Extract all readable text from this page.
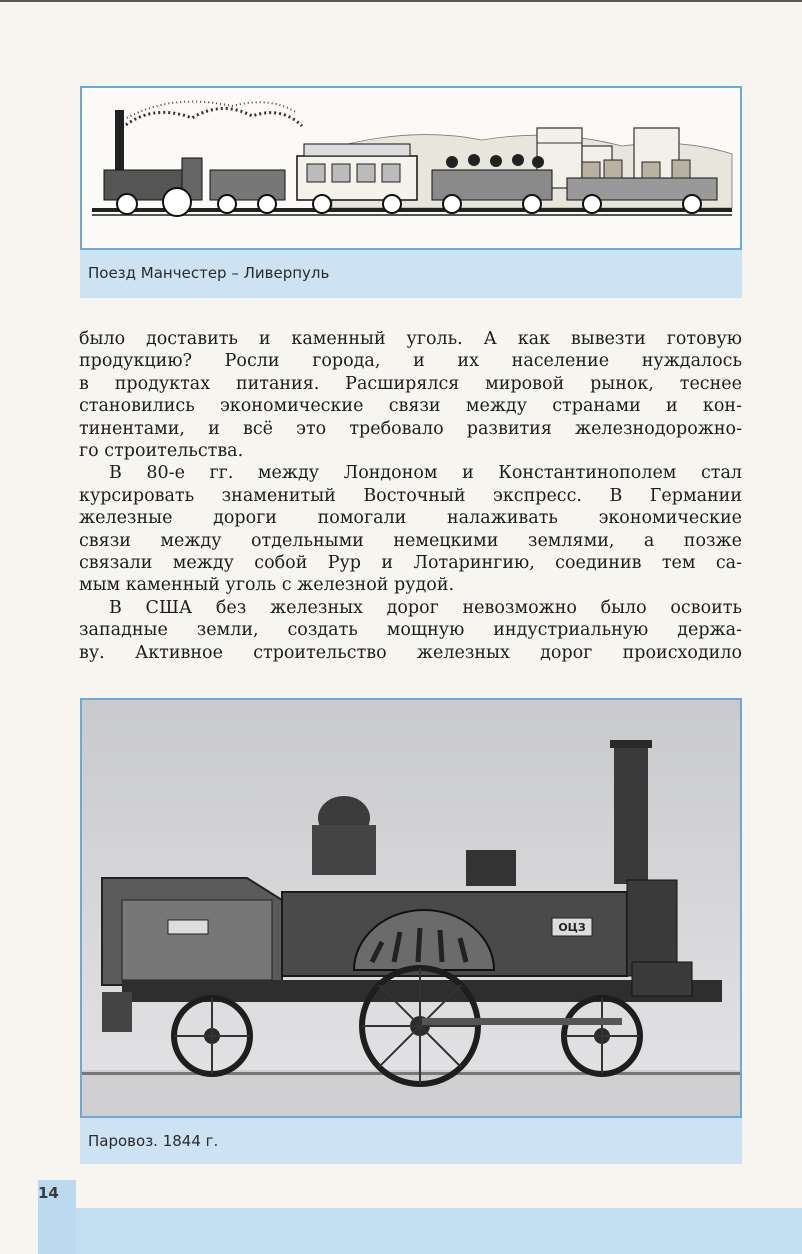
Поезд Манчестер – Ливерпуль
было доставить и каменный уголь. А как вывезти готовую
продукцию? Росли города, и их население нуждалось
в продуктах питания. Расширялся мировой рынок, теснее
становились экономические связи между странами и кон-
тинентами, и всё это требовало развития железнодорожно-
го строительства.
В 80-е гг. между Лондоном и Константинополем стал
курсировать знаменитый Восточный экспресс. В Германии
железные дороги помогали налаживать экономические
связи между отдельными немецкими землями, а позже
связали между собой Рур и Лотарингию, соединив тем са-
мым каменный уголь с железной рудой.
В США без железных дорог невозможно было освоить
западные земли, создать мощную индустриальную держа-
ву. Активное строительство железных дорог происходило
ОЦЗ
Паровоз. 1844 г.
14
